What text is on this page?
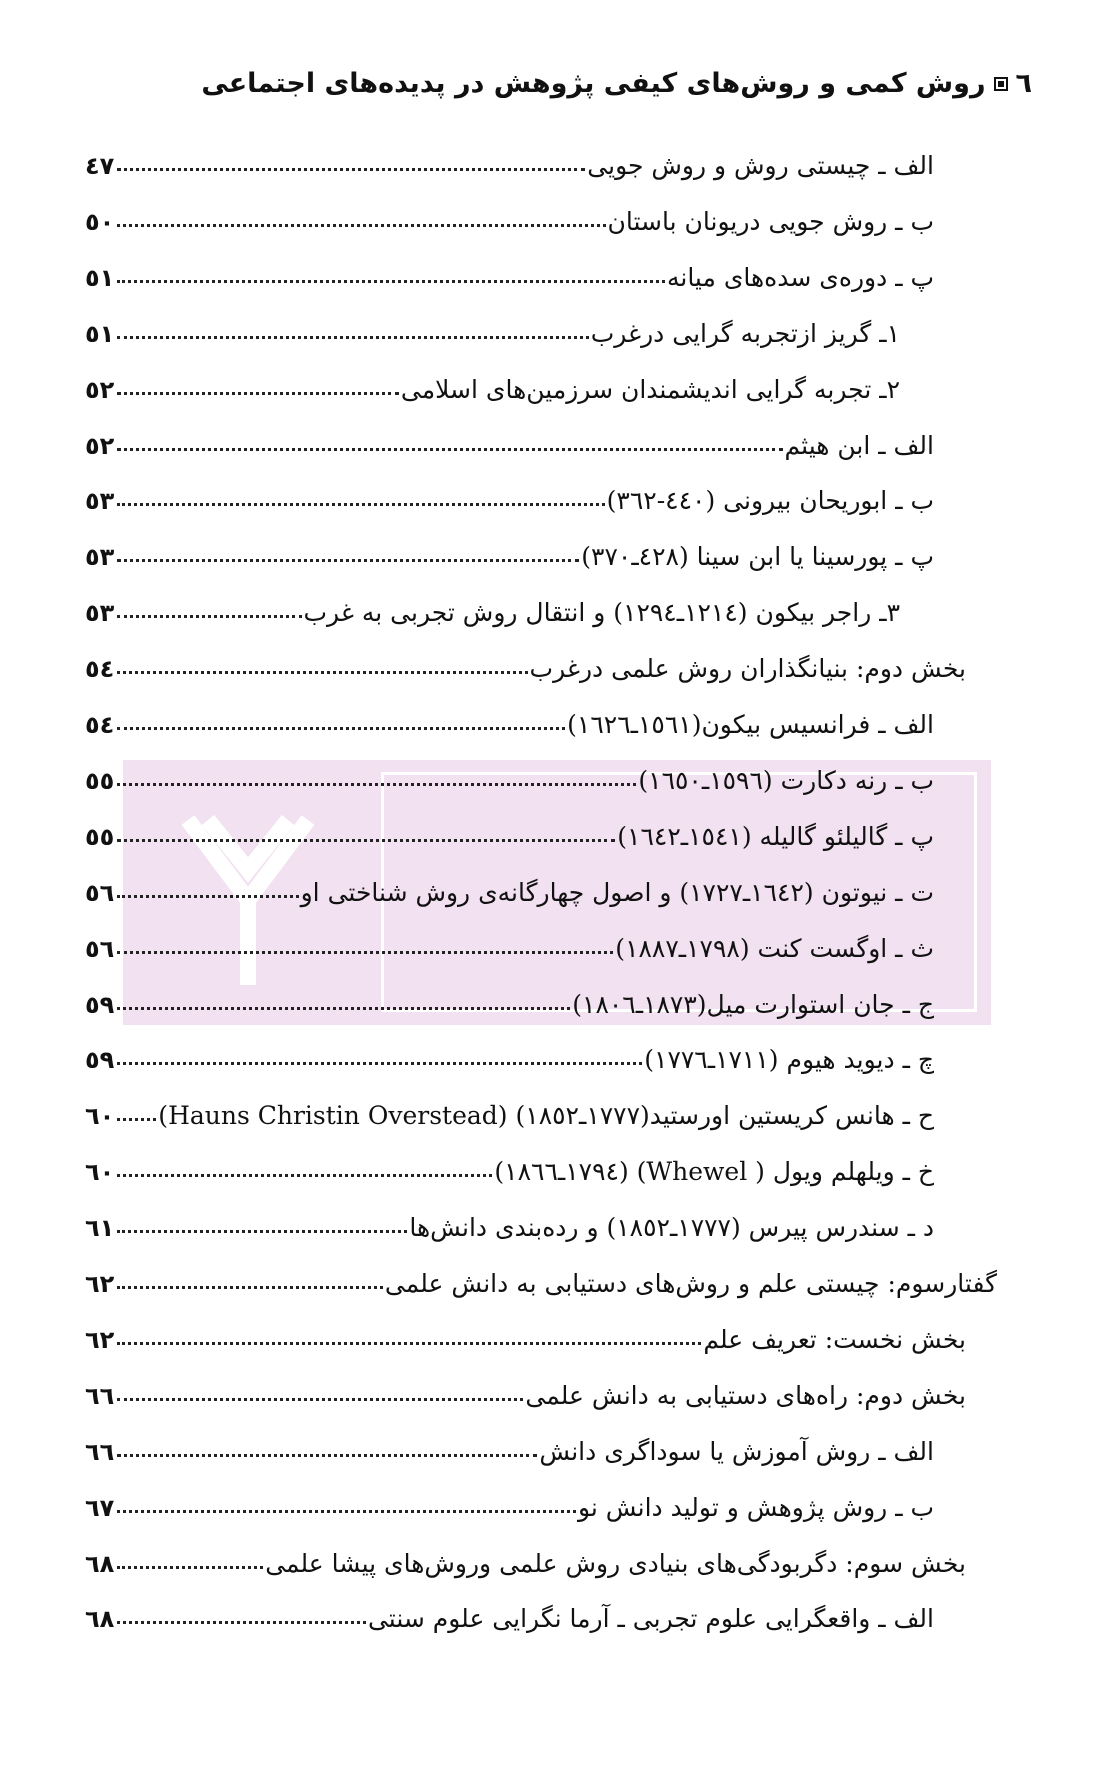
٦
روش کمی و روش‌های کیفی پژوهش در پدیده‌های اجتماعی
الف ـ چیستی روش و روش جویی
٤٧
ب ـ روش جویی دریونان باستان
٥٠
پ ـ دوره‌ی سده‌های میانه
٥١
١ـ گریز ازتجربه گرایی درغرب
٥١
٢ـ تجربه گرایی اندیشمندان سرزمین‌های اسلامی
٥٢
الف ـ ابن هیثم
٥٢
ب ـ ابوریحان بیرونی (٤٤٠-٣٦٢)
٥٣
پ ـ پورسینا یا ابن سینا (٤٢٨ـ٣٧٠)
٥٣
٣ـ راجر بیکون (١٢١٤ـ١٢٩٤) و انتقال روش تجربی به غرب
٥٣
بخش دوم: بنیانگذاران روش علمی درغرب
٥٤
الف ـ فرانسیس بیکون(١٥٦١ـ١٦٢٦)
٥٤
ب ـ رنه دکارت (١٥٩٦ـ١٦٥٠)
٥٥
پ ـ گالیلئو گالیله (١٥٤١ـ١٦٤٢)
٥٥
ت ـ نیوتون (١٦٤٢ـ١٧٢٧) و اصول چهارگانه‌ی روش شناختی او
٥٦
ث ـ اوگست کنت (١٧٩٨ـ١٨٨٧)
٥٦
ج ـ جان استوارت میل(١٨٧٣ـ١٨٠٦)
٥٩
چ ـ دیوید هیوم (١٧١١ـ١٧٧٦)
٥٩
ح ـ هانس کریستین اورستید(١٧٧٧ـ١٨٥٢) (Hauns Christin Overstead)
٦٠
خ ـ ویلهلم ویول ( Whewel) (١٧٩٤ـ١٨٦٦)
٦٠
د ـ سندرس پیرس (١٧٧٧ـ١٨٥٢) و رده‌بندی دانش‌ها
٦١
گفتارسوم: چیستی علم و روش‌های دستیابی به دانش علمی
٦٢
بخش نخست: تعریف علم
٦٢
بخش دوم: راه‌های دستیابی به دانش علمی
٦٦
الف ـ روش آموزش یا سوداگری دانش
٦٦
ب ـ روش پژوهش و تولید دانش نو
٦٧
بخش سوم: دگربودگی‌های بنیادی روش علمی وروش‌های پیشا علمی
٦٨
الف ـ واقعگرایی علوم تجربی ـ آرما نگرایی علوم سنتی
٦٨
